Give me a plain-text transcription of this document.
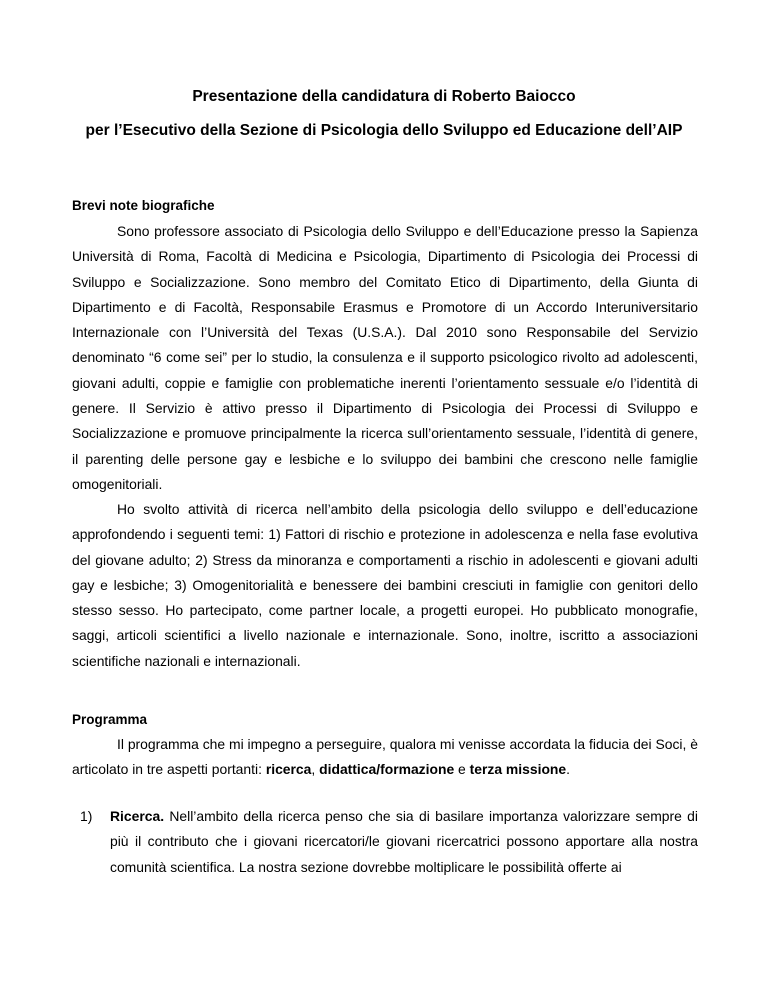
Presentazione della candidatura di Roberto Baiocco
per l’Esecutivo della Sezione di Psicologia dello Sviluppo ed Educazione dell’AIP
Brevi note biografiche

Sono professore associato di Psicologia dello Sviluppo e dell’Educazione presso la Sapienza Università di Roma, Facoltà di Medicina e Psicologia, Dipartimento di Psicologia dei Processi di Sviluppo e Socializzazione. Sono membro del Comitato Etico di Dipartimento, della Giunta di Dipartimento e di Facoltà, Responsabile Erasmus e Promotore di un Accordo Interuniversitario Internazionale con l’Università del Texas (U.S.A.). Dal 2010 sono Responsabile del Servizio denominato “6 come sei” per lo studio, la consulenza e il supporto psicologico rivolto ad adolescenti, giovani adulti, coppie e famiglie con problematiche inerenti l’orientamento sessuale e/o l’identità di genere. Il Servizio è attivo presso il Dipartimento di Psicologia dei Processi di Sviluppo e Socializzazione e promuove principalmente la ricerca sull’orientamento sessuale, l’identità di genere, il parenting delle persone gay e lesbiche e lo sviluppo dei bambini che crescono nelle famiglie omogenitoriali.

Ho svolto attività di ricerca nell’ambito della psicologia dello sviluppo e dell’educazione approfondendo i seguenti temi: 1) Fattori di rischio e protezione in adolescenza e nella fase evolutiva del giovane adulto; 2) Stress da minoranza e comportamenti a rischio in adolescenti e giovani adulti gay e lesbiche; 3) Omogenitorialità e benessere dei bambini cresciuti in famiglie con genitori dello stesso sesso. Ho partecipato, come partner locale, a progetti europei. Ho pubblicato monografie, saggi, articoli scientifici a livello nazionale e internazionale. Sono, inoltre, iscritto a associazioni scientifiche nazionali e internazionali.

Programma

Il programma che mi impegno a perseguire, qualora mi venisse accordata la fiducia dei Soci, è articolato in tre aspetti portanti: ricerca, didattica/formazione e terza missione.

1)	Ricerca. Nell’ambito della ricerca penso che sia di basilare importanza valorizzare sempre di più il contributo che i giovani ricercatori/le giovani ricercatrici possono apportare alla nostra comunità scientifica. La nostra sezione dovrebbe moltiplicare le possibilità offerte ai
